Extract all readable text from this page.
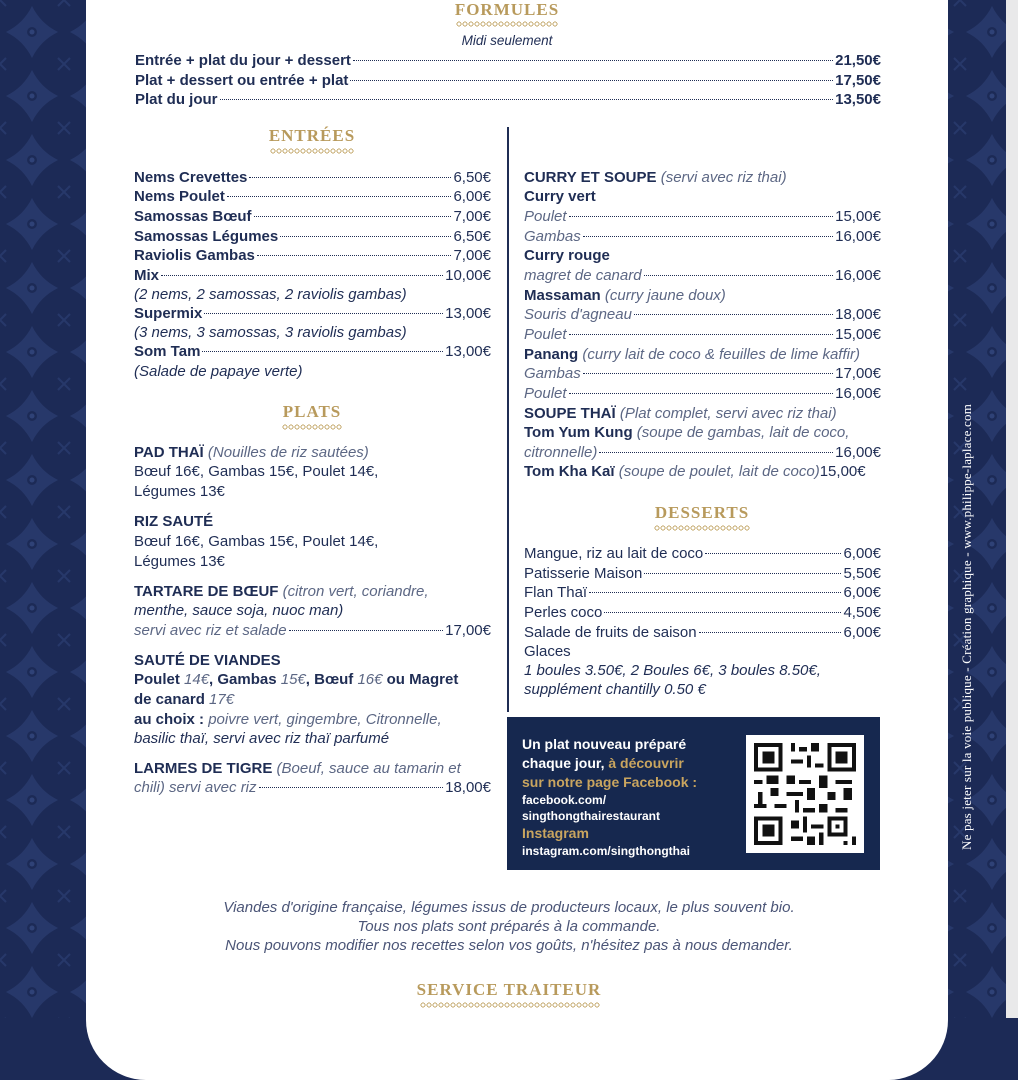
Ne pas jeter sur la voie publique - Création graphique - www.philippe-laplace.com
FORMULES
Midi seulement
Entrée + plat du jour + dessert	21,50€
Plat + dessert ou entrée + plat	17,50€
Plat du jour	13,50€
ENTRÉES
Nems Crevettes	6,50€
Nems Poulet	6,00€
Samossas Bœuf	7,00€
Samossas Légumes	6,50€
Raviolis Gambas	7,00€
Mix	10,00€
(2 nems, 2 samossas, 2 raviolis gambas)
Supermix	13,00€
(3 nems, 3 samossas, 3 raviolis gambas)
Som Tam	13,00€
(Salade de papaye verte)
PLATS
PAD THAÏ (Nouilles de riz sautées)
Bœuf 16€, Gambas 15€, Poulet 14€,
Légumes 13€
RIZ SAUTÉ
Bœuf 16€, Gambas 15€, Poulet 14€,
Légumes 13€
TARTARE DE BŒUF (citron vert, coriandre,
menthe, sauce soja, nuoc man)
servi avec riz et salade	17,00€
SAUTÉ DE VIANDES
Poulet 14€, Gambas 15€, Bœuf 16€ ou Magret
de canard 17€
au choix : poivre vert, gingembre, Citronnelle,
basilic thaï, servi avec riz thaï parfumé
LARMES DE TIGRE (Boeuf, sauce au tamarin et
chili) servi avec riz	18,00€
CURRY ET SOUPE (servi avec riz thai)
Curry vert
Poulet	15,00€
Gambas	16,00€
Curry rouge
magret de canard	16,00€
Massaman (curry jaune doux)
Souris d'agneau	18,00€
Poulet	15,00€
Panang (curry lait de coco & feuilles de lime kaffir)
Gambas	17,00€
Poulet	16,00€
SOUPE THAÏ (Plat complet, servi avec riz thai)
Tom Yum Kung (soupe de gambas, lait de coco,
citronnelle)	16,00€
Tom Kha Kaï (soupe de poulet, lait de coco)15,00€
DESSERTS
Mangue, riz au lait de coco	6,00€
Patisserie Maison	5,50€
Flan Thaï	6,00€
Perles coco	4,50€
Salade de fruits de saison	6,00€
Glaces
1 boules 3.50€, 2 Boules 6€, 3 boules 8.50€,
supplément chantilly 0.50 €
Un plat nouveau préparé
chaque jour, à découvrir
sur notre page Facebook :
facebook.com/
singthongthairestaurant
Instagram
instagram.com/singthongthai
Viandes d'origine française, légumes issus de producteurs locaux, le plus souvent bio.
Tous nos plats sont préparés à la commande.
Nous pouvons modifier nos recettes selon vos goûts, n'hésitez pas à nous demander.
SERVICE TRAITEUR
